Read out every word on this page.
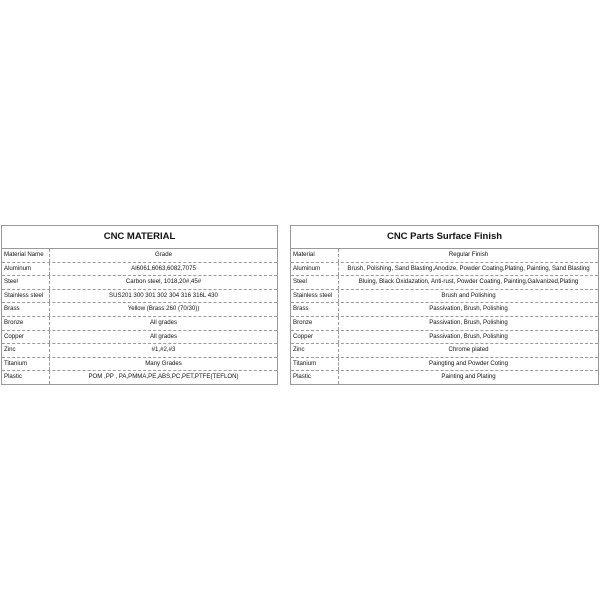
CNC MATERIAL
Material Name	Grade
Aluminum	Al6061,6063,6082,7075
Steel	Carbon steel, 1018,20#,45#
Stainless steel	SUS201 300 301 302 304 316 316L 430
Brass	Yellow (Brass 260 (70/30))
Bronze	All grades
Copper	All grades
Zinc	#1,#2,#3
Titanium	Many Grades
Plastic	POM ,PP , PA,PMMA,PE,ABS,PC,PET,PTFE(TEFLON)
CNC Parts Surface Finish
Material	Regular Finish
Aluminum	Brush, Polishing, Sand Blasting,Anodize, Powder Coating,Plating, Painting, Sand Blasting
Steel	Bluing, Black Oxidazation, Anti-rust, Powder Coating, Painting,Galvanized,Plating
Stainless steel	Brush and Polishing
Brass	Passivation, Brush, Polishing
Bronze	Passivation, Brush, Polishing
Copper	Passivation, Brush, Polishing
Zinc	Chrome plated
Titanium	Paingting and Powder Coting
Plastic	Painting and Plating
